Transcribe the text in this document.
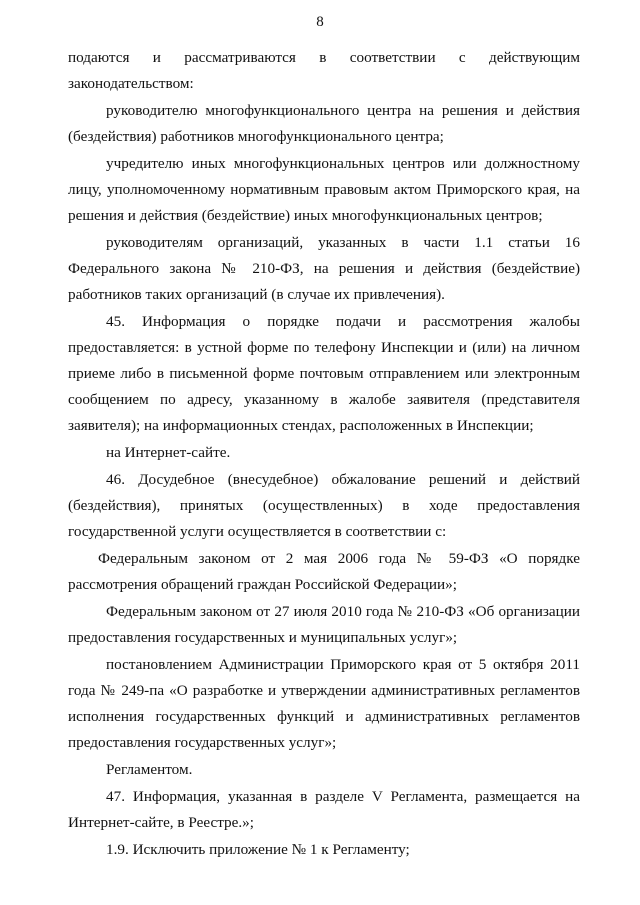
8

подаются и рассматриваются в соответствии с действующим законодательством:

руководителю многофункционального центра на решения и действия (бездействия) работников многофункционального центра;

учредителю иных многофункциональных центров или должностному лицу, уполномоченному нормативным правовым актом Приморского края, на решения и действия (бездействие) иных многофункциональных центров;

руководителям организаций, указанных в части 1.1 статьи 16 Федерального закона № 210-ФЗ, на решения и действия (бездействие) работников таких организаций (в случае их привлечения).

45. Информация о порядке подачи и рассмотрения жалобы предоставляется: в устной форме по телефону Инспекции и (или) на личном приеме либо в письменной форме почтовым отправлением или электронным сообщением по адресу, указанному в жалобе заявителя (представителя заявителя); на информационных стендах, расположенных в Инспекции;

на Интернет-сайте.

46. Досудебное (внесудебное) обжалование решений и действий (бездействия), принятых (осуществленных) в ходе предоставления государственной услуги осуществляется в соответствии с:

Федеральным законом от 2 мая 2006 года № 59-ФЗ «О порядке рассмотрения обращений граждан Российской Федерации»;

Федеральным законом от 27 июля 2010 года № 210-ФЗ «Об организации предоставления государственных и муниципальных услуг»;

постановлением Администрации Приморского края от 5 октября 2011 года № 249-па «О разработке и утверждении административных регламентов исполнения государственных функций и административных регламентов предоставления государственных услуг»;

Регламентом.

47. Информация, указанная в разделе V Регламента, размещается на Интернет-сайте, в Реестре.»;

1.9. Исключить приложение № 1 к Регламенту;
